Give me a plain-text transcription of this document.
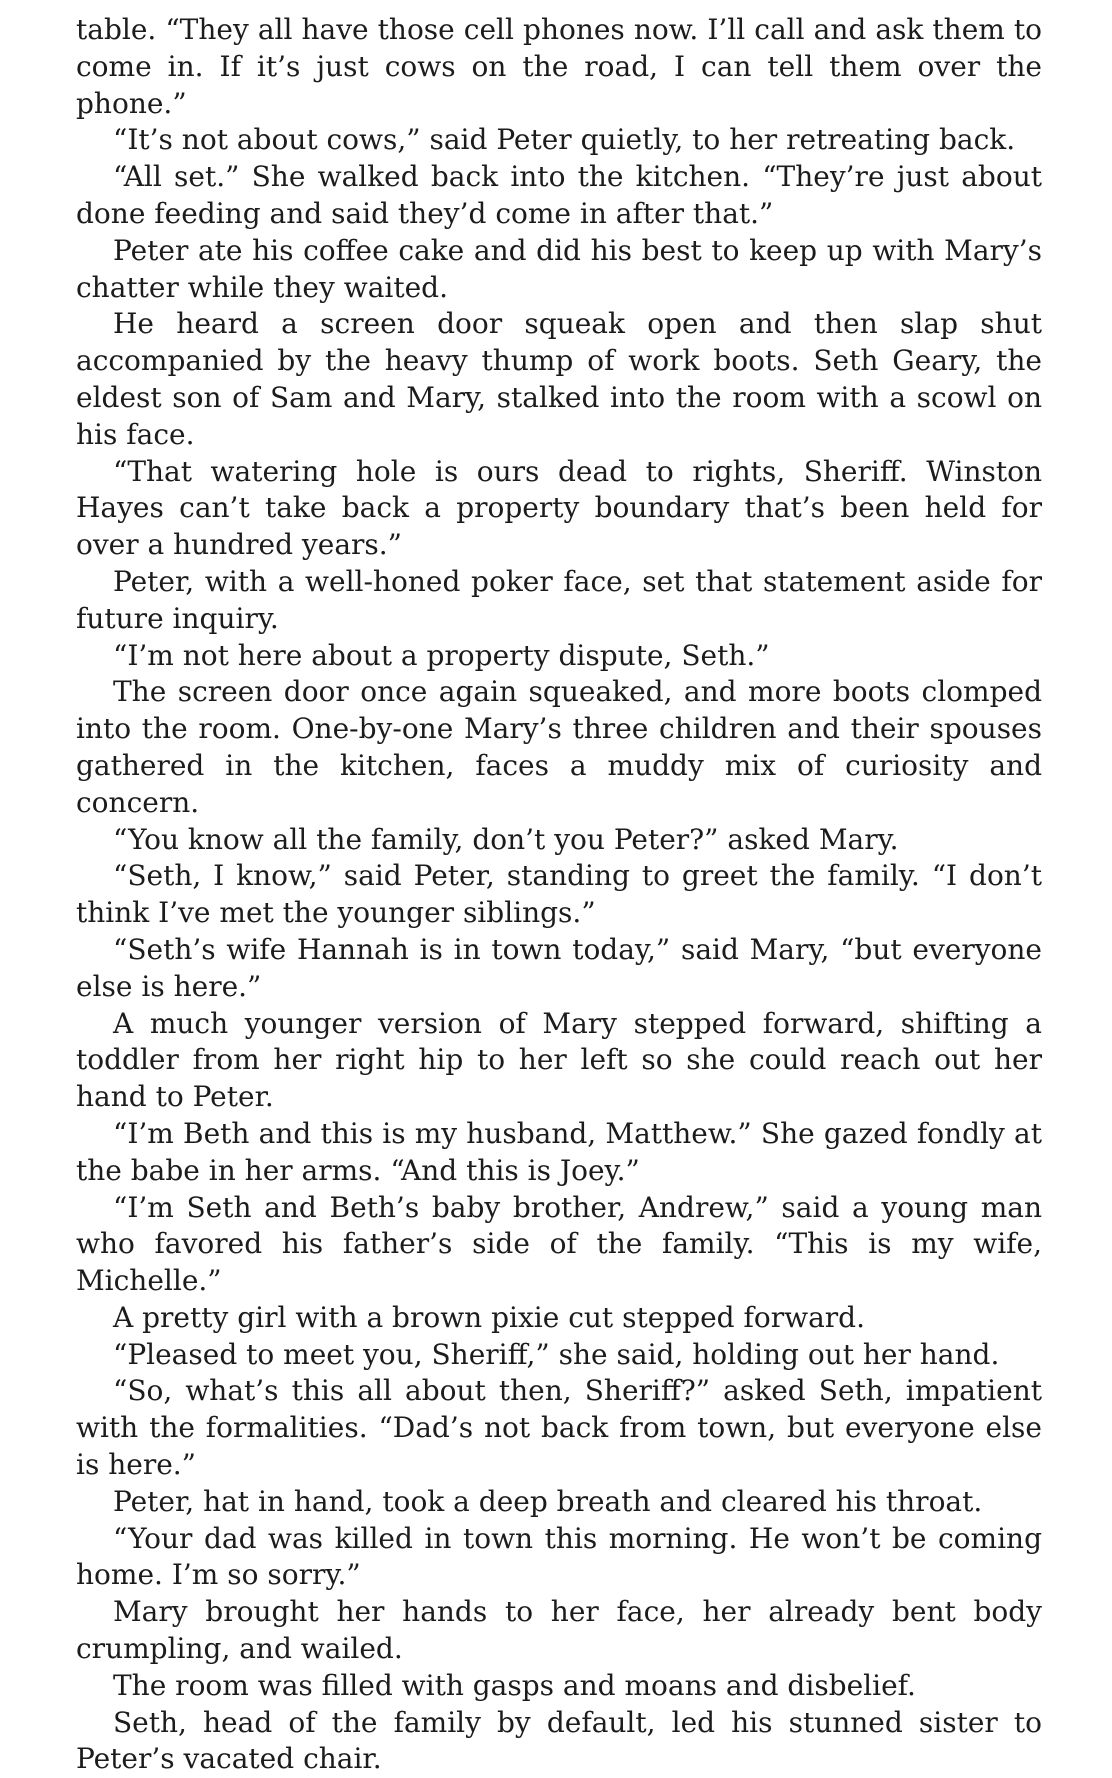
table. “They all have those cell phones now. I’ll call and ask them to come in. If it’s just cows on the road, I can tell them over the phone.”

“It’s not about cows,” said Peter quietly, to her retreating back.

“All set.” She walked back into the kitchen. “They’re just about done feeding and said they’d come in after that.”

Peter ate his coffee cake and did his best to keep up with Mary’s chatter while they waited.

He heard a screen door squeak open and then slap shut accompanied by the heavy thump of work boots. Seth Geary, the eldest son of Sam and Mary, stalked into the room with a scowl on his face.

“That watering hole is ours dead to rights, Sheriff. Winston Hayes can’t take back a property boundary that’s been held for over a hundred years.”

Peter, with a well-honed poker face, set that statement aside for future inquiry.

“I’m not here about a property dispute, Seth.”

The screen door once again squeaked, and more boots clomped into the room. One-by-one Mary’s three children and their spouses gathered in the kitchen, faces a muddy mix of curiosity and concern.

“You know all the family, don’t you Peter?” asked Mary.

“Seth, I know,” said Peter, standing to greet the family. “I don’t think I’ve met the younger siblings.”

“Seth’s wife Hannah is in town today,” said Mary, “but everyone else is here.”

A much younger version of Mary stepped forward, shifting a toddler from her right hip to her left so she could reach out her hand to Peter.

“I’m Beth and this is my husband, Matthew.” She gazed fondly at the babe in her arms. “And this is Joey.”

“I’m Seth and Beth’s baby brother, Andrew,” said a young man who favored his father’s side of the family. “This is my wife, Michelle.”

A pretty girl with a brown pixie cut stepped forward.

“Pleased to meet you, Sheriff,” she said, holding out her hand.

“So, what’s this all about then, Sheriff?” asked Seth, impatient with the formalities. “Dad’s not back from town, but everyone else is here.”

Peter, hat in hand, took a deep breath and cleared his throat.

“Your dad was killed in town this morning. He won’t be coming home. I’m so sorry.”

Mary brought her hands to her face, her already bent body crumpling, and wailed.

The room was filled with gasps and moans and disbelief.

Seth, head of the family by default, led his stunned sister to Peter’s vacated chair.
